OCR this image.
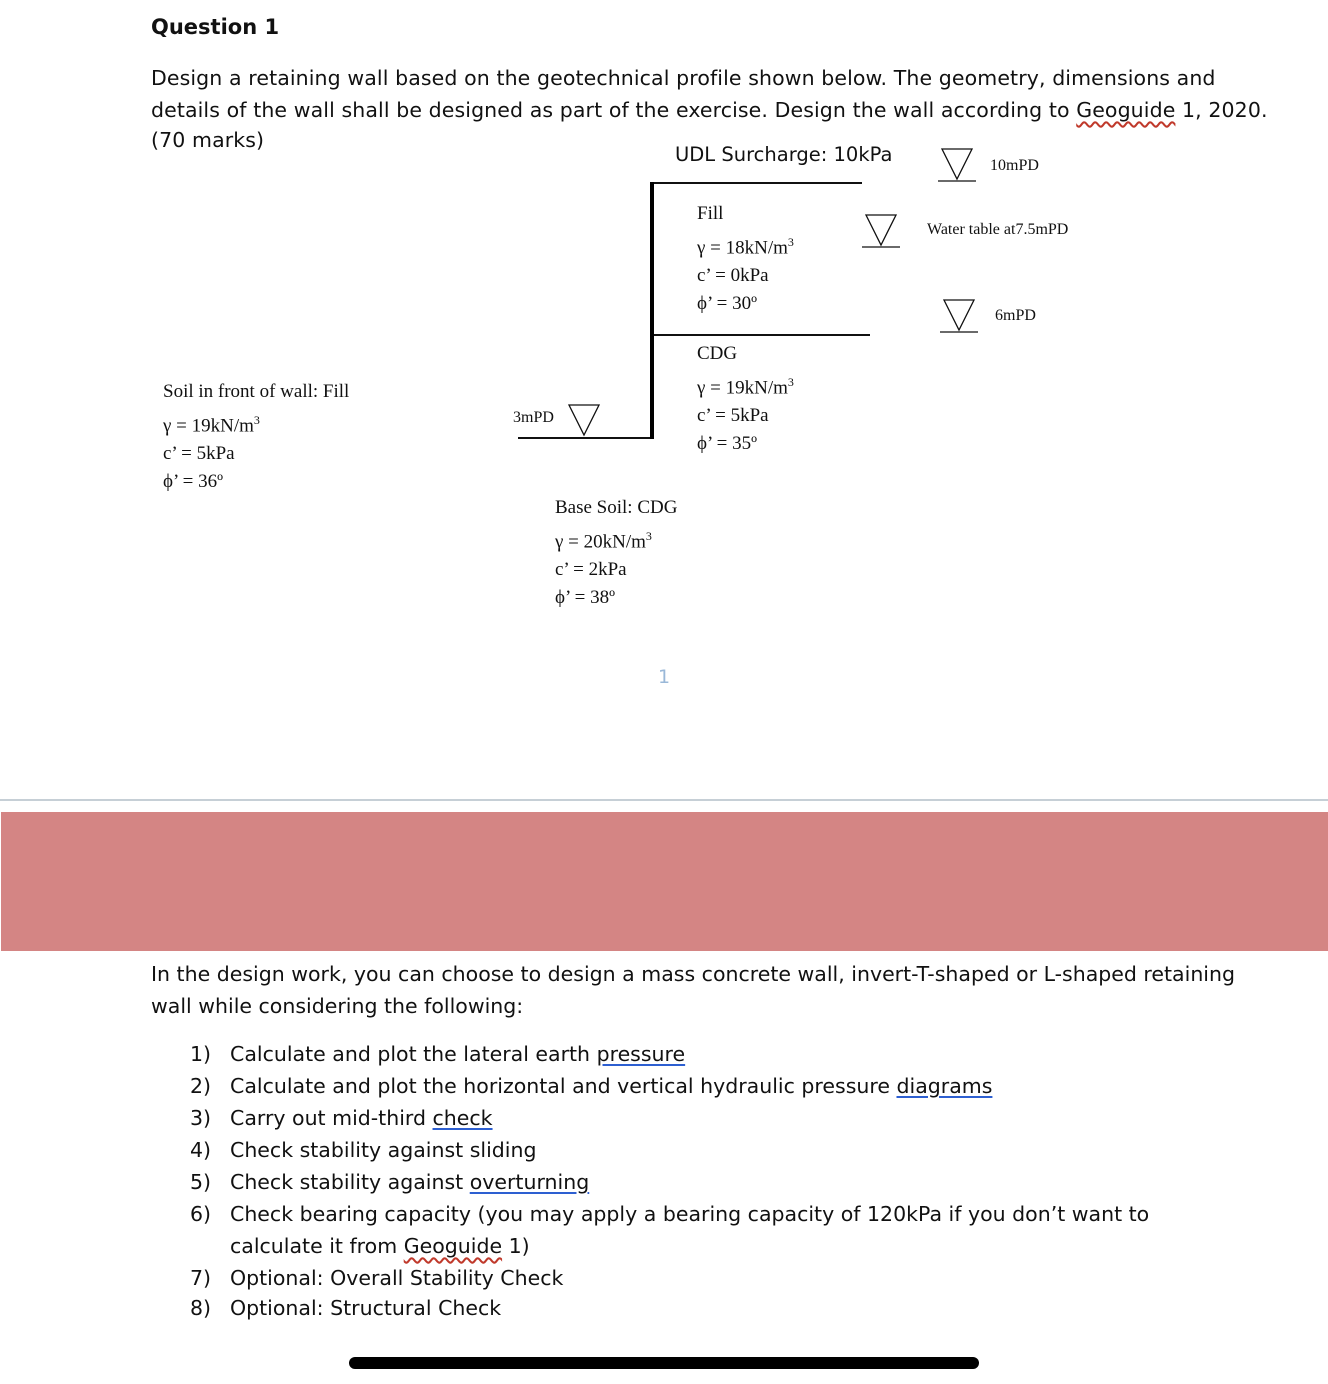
Question 1
Design a retaining wall based on the geotechnical profile shown below. The geometry, dimensions and
details of the wall shall be designed as part of the exercise. Design the wall according to Geoguide 1, 2020.
(70 marks)
UDL Surcharge: 10kPa	10mPD
Water table at7.5mPD
6mPD
3mPD
Fill
$\gamma = 18kN/m^3$
c’ = 0kPa
ϕ’ = 30º
CDG
$\gamma = 19kN/m^3$
c’ = 5kPa
ϕ’ = 35º
Soil in front of wall: Fill
$\gamma = 19kN/m^3$
c’ = 5kPa
ϕ’ = 36º
Base Soil: CDG
$\gamma = 20kN/m^3$
c’ = 2kPa
ϕ’ = 38º
1
In the design work, you can choose to design a mass concrete wall, invert-T-shaped or L-shaped retaining
wall while considering the following:
1) Calculate and plot the lateral earth pressure
2) Calculate and plot the horizontal and vertical hydraulic pressure diagrams
3) Carry out mid-third check
4) Check stability against sliding
5) Check stability against overturning
6) Check bearing capacity (you may apply a bearing capacity of 120kPa if you don’t want to
calculate it from Geoguide 1)
7) Optional: Overall Stability Check
8) Optional: Structural Check
